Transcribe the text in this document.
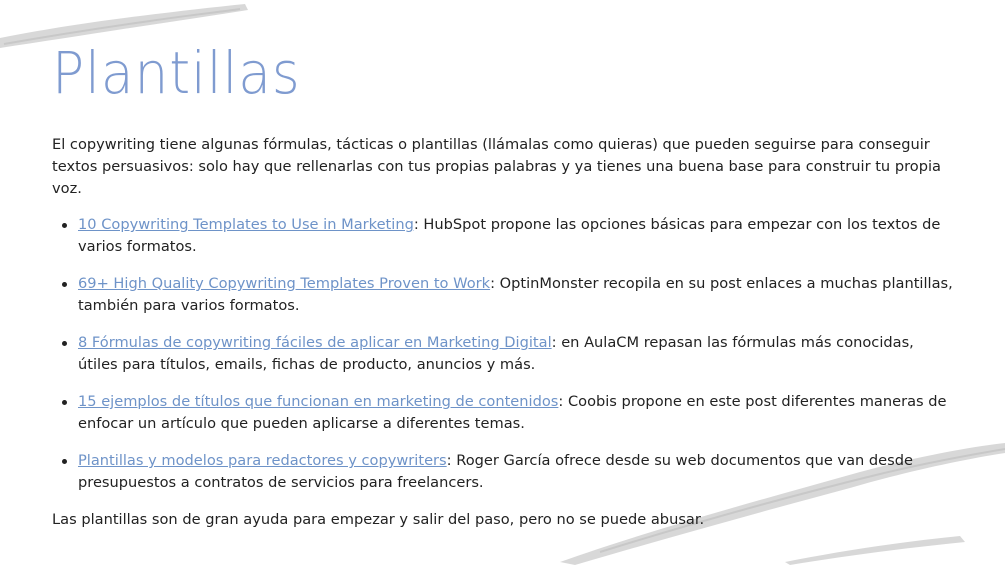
Plantillas

El copywriting tiene algunas fórmulas, tácticas o plantillas (llámalas como quieras) que pueden seguirse para conseguir textos persuasivos: solo hay que rellenarlas con tus propias palabras y ya tienes una buena base para construir tu propia voz.

10 Copywriting Templates to Use in Marketing: HubSpot propone las opciones básicas para empezar con los textos de varios formatos.
69+ High Quality Copywriting Templates Proven to Work: OptinMonster recopila en su post enlaces a muchas plantillas, también para varios formatos.
8 Fórmulas de copywriting fáciles de aplicar en Marketing Digital: en AulaCM repasan las fórmulas más conocidas, útiles para títulos, emails, fichas de producto, anuncios y más.
15 ejemplos de títulos que funcionan en marketing de contenidos: Coobis propone en este post diferentes maneras de enfocar un artículo que pueden aplicarse a diferentes temas.
Plantillas y modelos para redactores y copywriters: Roger García ofrece desde su web documentos que van desde presupuestos a contratos de servicios para freelancers.

Las plantillas son de gran ayuda para empezar y salir del paso, pero no se puede abusar.
